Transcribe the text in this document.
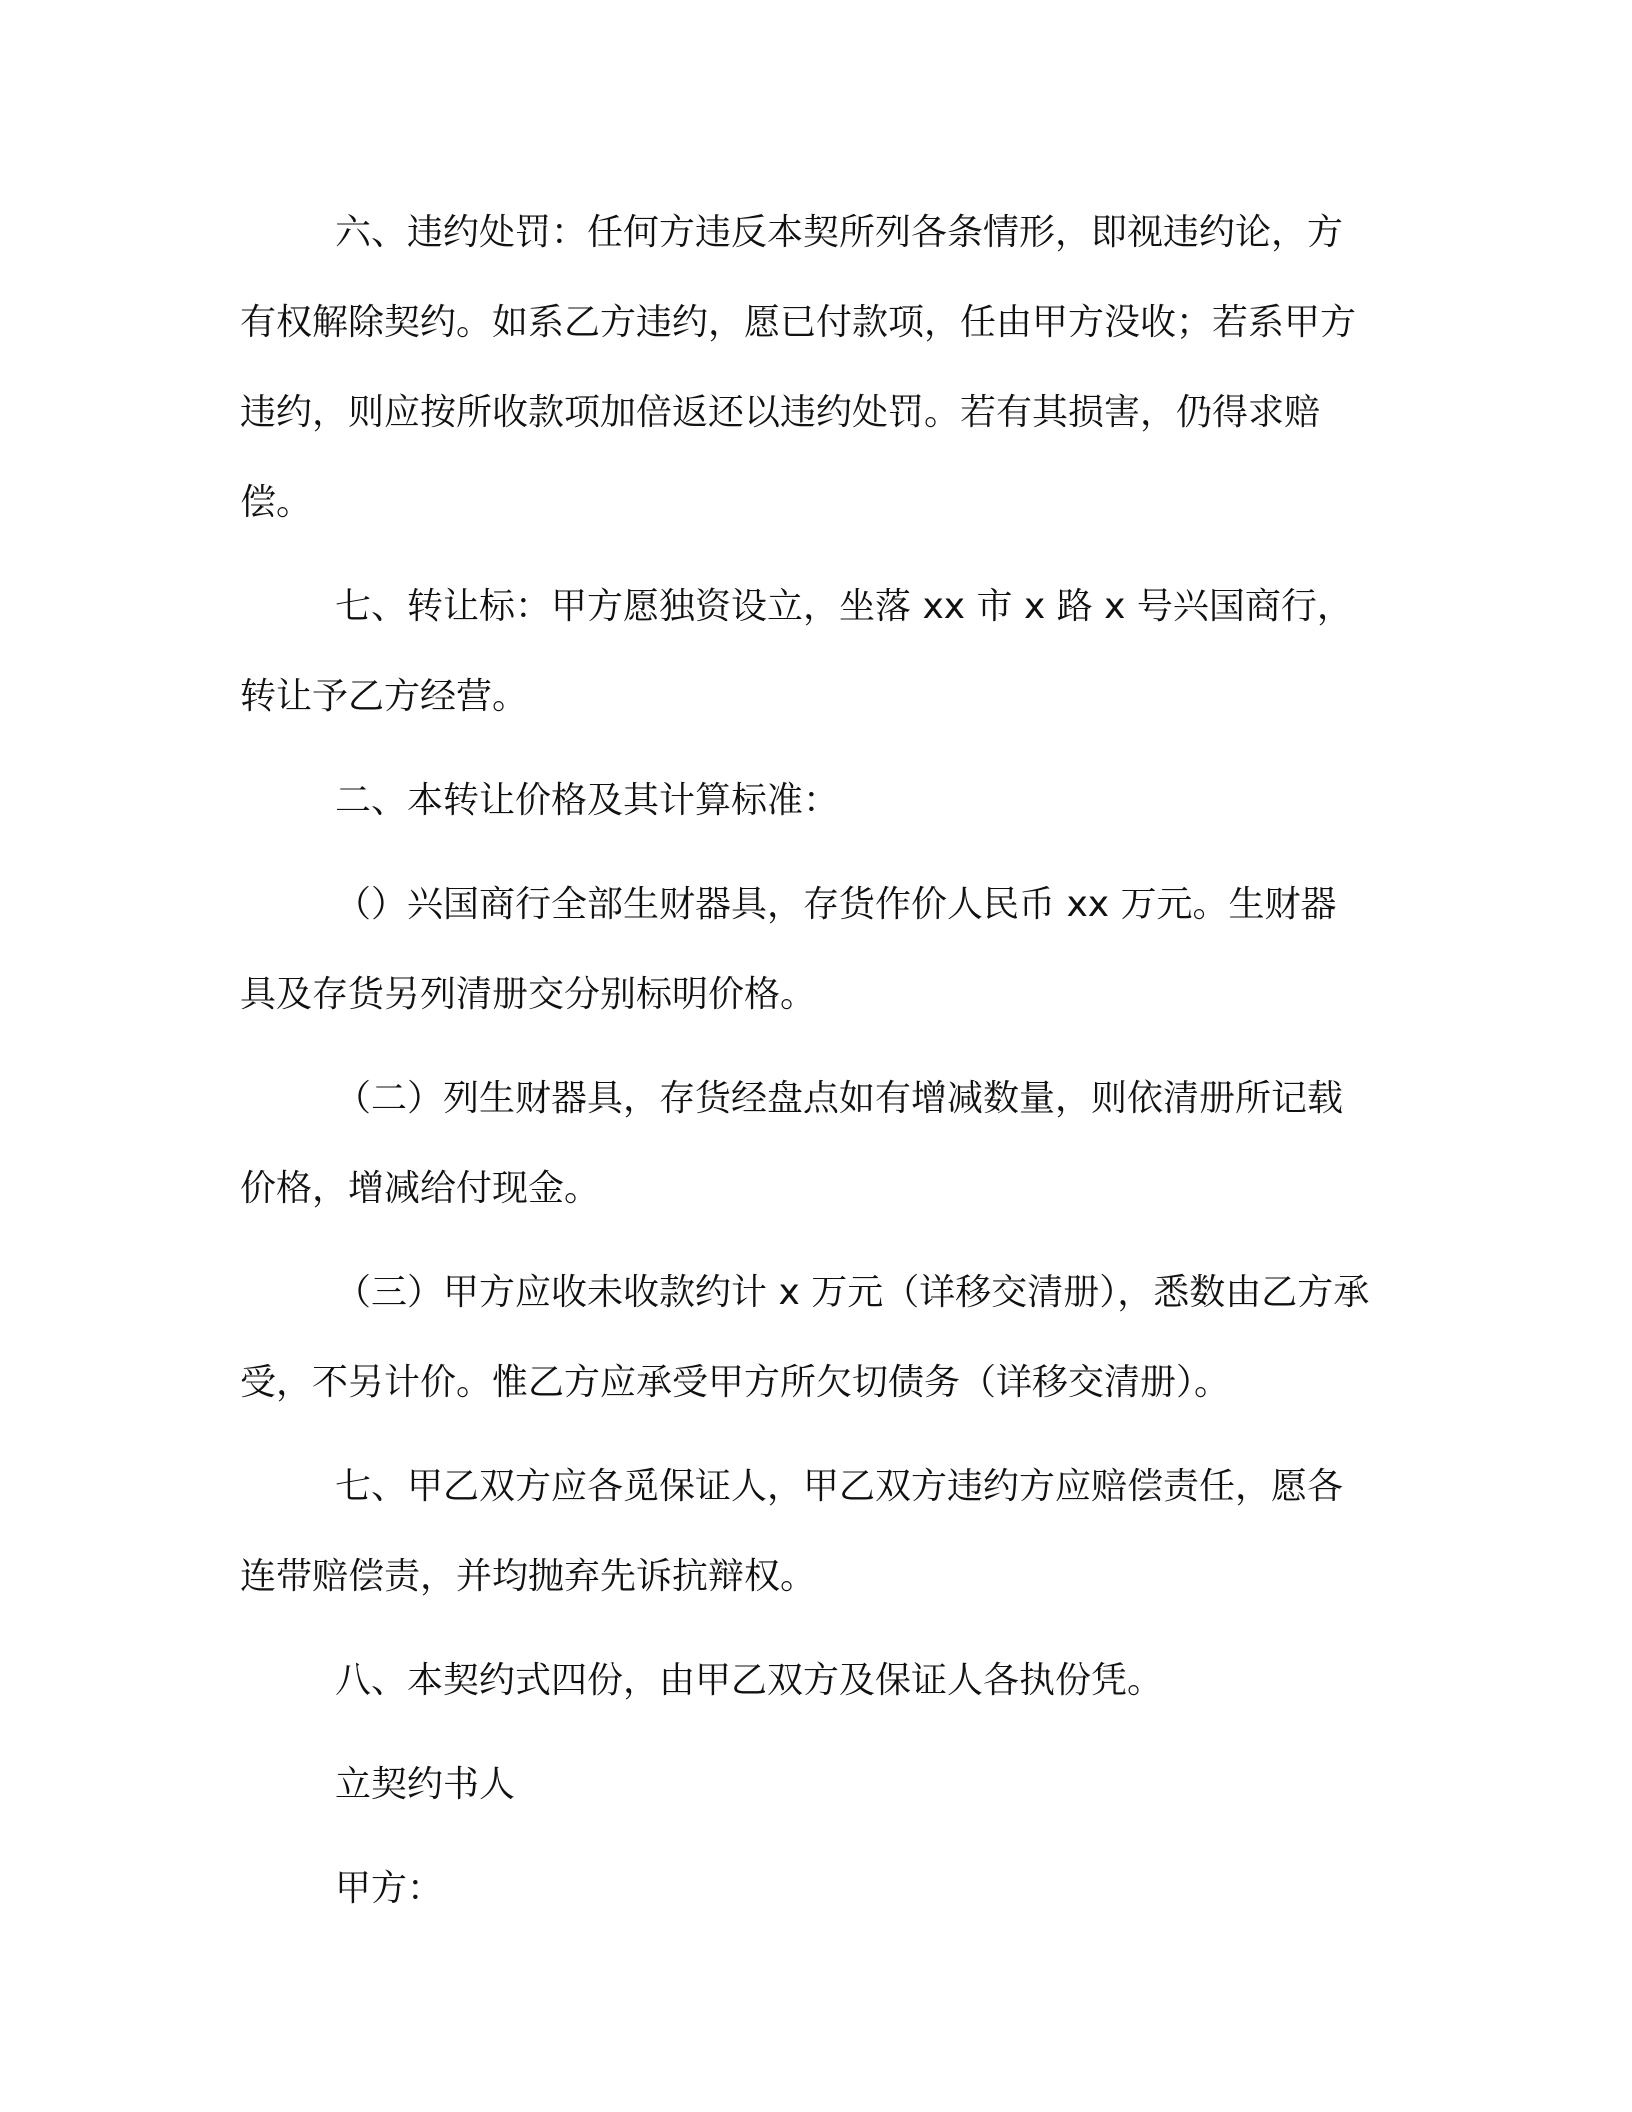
六、违约处罚：任何方违反本契所列各条情形，即视违约论，方有权解除契约。如系乙方违约，愿已付款项，任由甲方没收；若系甲方违约，则应按所收款项加倍返还以违约处罚。若有其损害，仍得求赔偿。

七、转让标：甲方愿独资设立，坐落 xx 市 x 路 x 号兴国商行，转让予乙方经营。

二、本转让价格及其计算标准：

（）兴国商行全部生财器具，存货作价人民币 xx 万元。生财器具及存货另列清册交分别标明价格。

（二）列生财器具，存货经盘点如有增减数量，则依清册所记载价格，增减给付现金。

（三）甲方应收未收款约计 x 万元（详移交清册），悉数由乙方承受，不另计价。惟乙方应承受甲方所欠切债务（详移交清册）。

七、甲乙双方应各觅保证人，甲乙双方违约方应赔偿责任，愿各连带赔偿责，并均抛弃先诉抗辩权。

八、本契约式四份，由甲乙双方及保证人各执份凭。

立契约书人

甲方：
